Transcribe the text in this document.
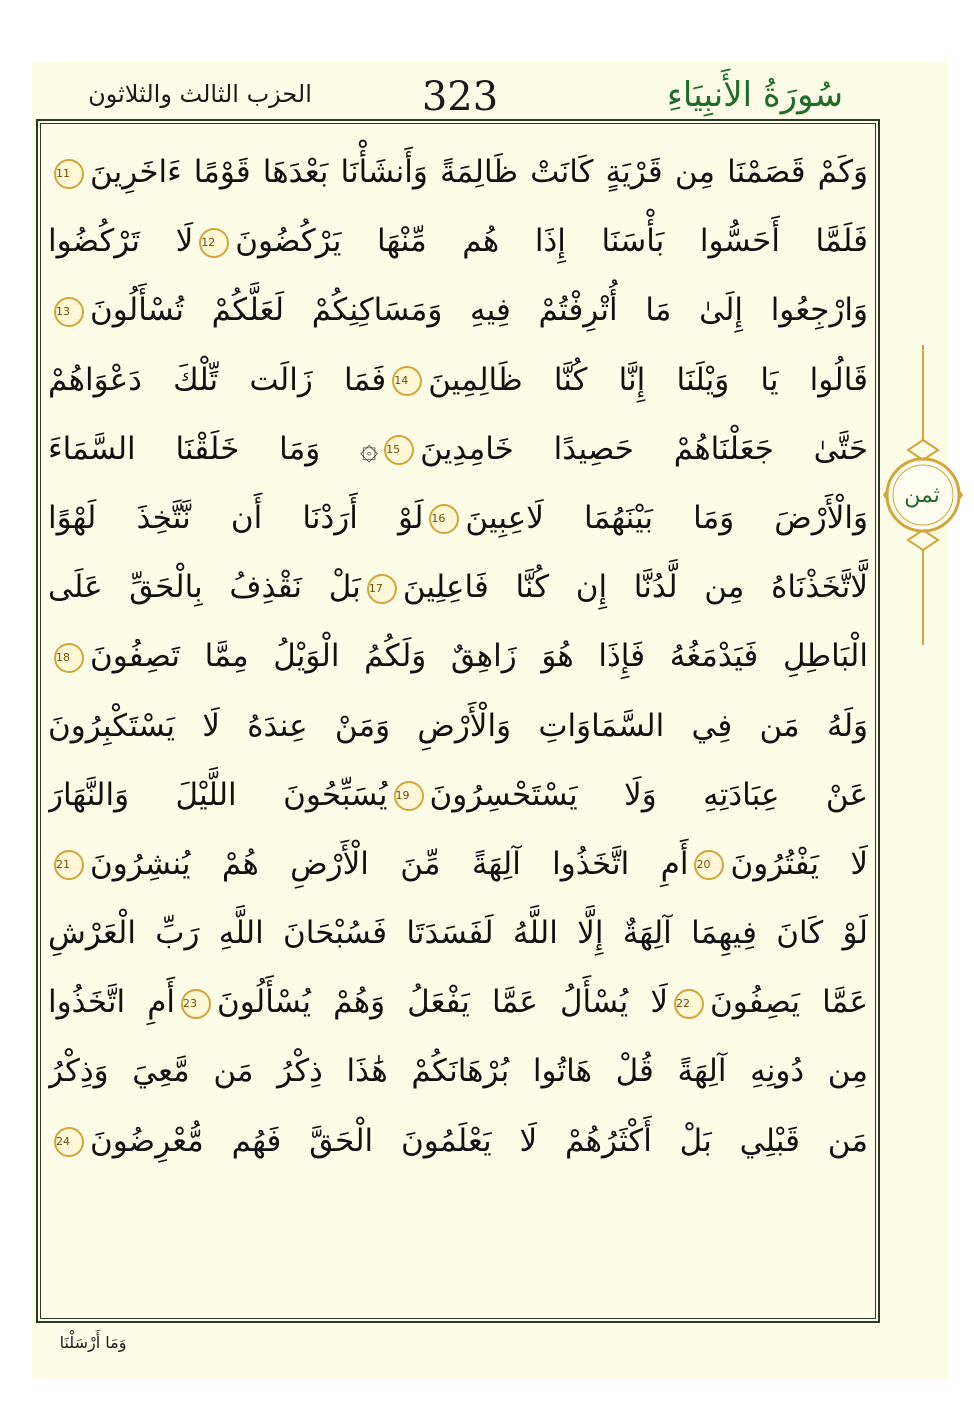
سُورَةُ الأَنبِيَاءِ
323
الحزب الثالث والثلاثون
وَكَمْ قَصَمْنَا مِن قَرْيَةٍ كَانَتْ ظَالِمَةً وَأَنشَأْنَا بَعْدَهَا قَوْمًا ءَاخَرِينَ11
فَلَمَّا أَحَسُّوا بَأْسَنَا إِذَا هُم مِّنْهَا يَرْكُضُونَ12لَا تَرْكُضُوا
وَارْجِعُوا إِلَىٰ مَا أُتْرِفْتُمْ فِيهِ وَمَسَاكِنِكُمْ لَعَلَّكُمْ تُسْأَلُونَ13
قَالُوا يَا وَيْلَنَا إِنَّا كُنَّا ظَالِمِينَ14فَمَا زَالَت تِّلْكَ دَعْوَاهُمْ
حَتَّىٰ جَعَلْنَاهُمْ حَصِيدًا خَامِدِينَ15۞ وَمَا خَلَقْنَا السَّمَاءَ
وَالْأَرْضَ وَمَا بَيْنَهُمَا لَاعِبِينَ16لَوْ أَرَدْنَا أَن نَّتَّخِذَ لَهْوًا
لَّاتَّخَذْنَاهُ مِن لَّدُنَّا إِن كُنَّا فَاعِلِينَ17بَلْ نَقْذِفُ بِالْحَقِّ عَلَى
الْبَاطِلِ فَيَدْمَغُهُ فَإِذَا هُوَ زَاهِقٌ وَلَكُمُ الْوَيْلُ مِمَّا تَصِفُونَ18
وَلَهُ مَن فِي السَّمَاوَاتِ وَالْأَرْضِ وَمَنْ عِندَهُ لَا يَسْتَكْبِرُونَ
عَنْ عِبَادَتِهِ وَلَا يَسْتَحْسِرُونَ19يُسَبِّحُونَ اللَّيْلَ وَالنَّهَارَ
لَا يَفْتُرُونَ20أَمِ اتَّخَذُوا آلِهَةً مِّنَ الْأَرْضِ هُمْ يُنشِرُونَ21
لَوْ كَانَ فِيهِمَا آلِهَةٌ إِلَّا اللَّهُ لَفَسَدَتَا فَسُبْحَانَ اللَّهِ رَبِّ الْعَرْشِ
عَمَّا يَصِفُونَ22لَا يُسْأَلُ عَمَّا يَفْعَلُ وَهُمْ يُسْأَلُونَ23أَمِ اتَّخَذُوا
مِن دُونِهِ آلِهَةً قُلْ هَاتُوا بُرْهَانَكُمْ هَٰذَا ذِكْرُ مَن مَّعِيَ وَذِكْرُ
مَن قَبْلِي بَلْ أَكْثَرُهُمْ لَا يَعْلَمُونَ الْحَقَّ فَهُم مُّعْرِضُونَ24
ثمن
وَمَا أَرْسَلْنَا
